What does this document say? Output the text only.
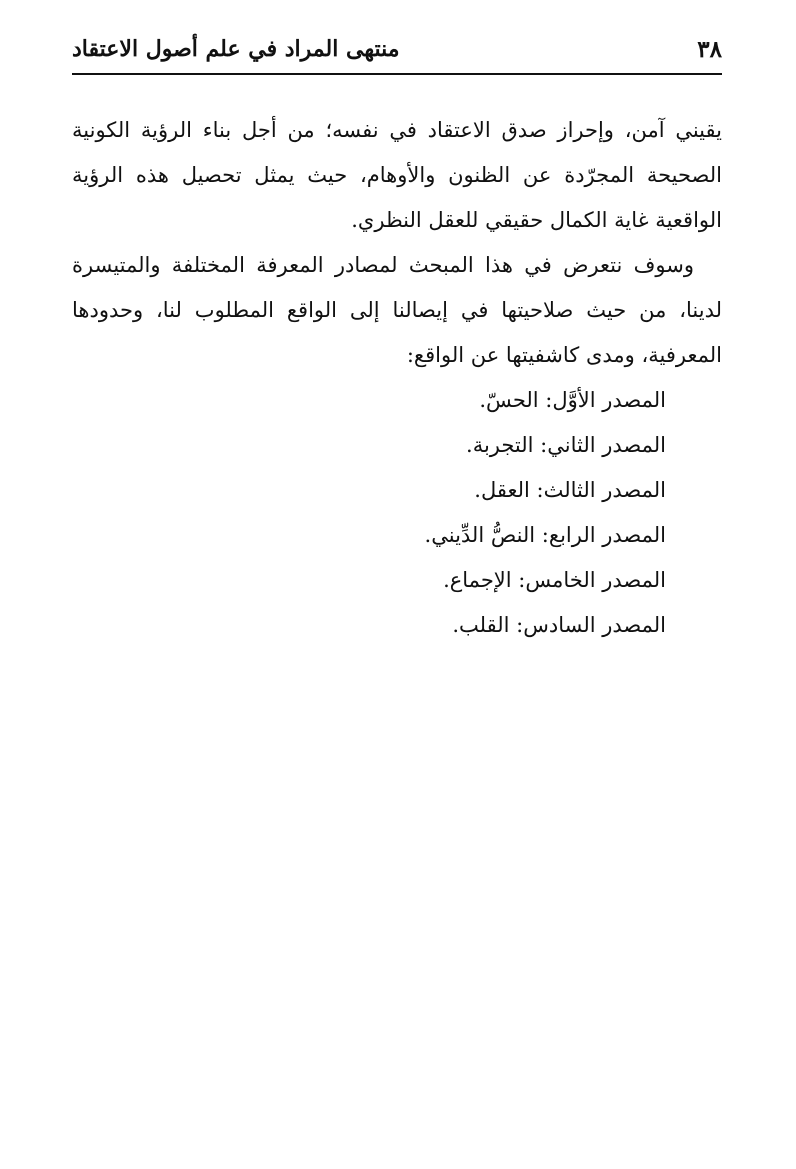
٣٨
منتهى المراد في علم أصول الاعتقاد

يقيني آمن، وإحراز صدق الاعتقاد في نفسه؛ من أجل بناء الرؤية الكونية الصحيحة المجرّدة عن الظنون والأوهام، حيث يمثل تحصيل هذه الرؤية الواقعية غاية الكمال حقيقي للعقل النظري.

وسوف نتعرض في هذا المبحث لمصادر المعرفة المختلفة والمتيسرة لدينا، من حيث صلاحيتها في إيصالنا إلى الواقع المطلوب لنا، وحدودها المعرفية، ومدى كاشفيتها عن الواقع:

المصدر الأوَّل: الحسّ.
المصدر الثاني: التجربة.
المصدر الثالث: العقل.
المصدر الرابع: النصُّ الدِّيني.
المصدر الخامس: الإجماع.
المصدر السادس: القلب.
